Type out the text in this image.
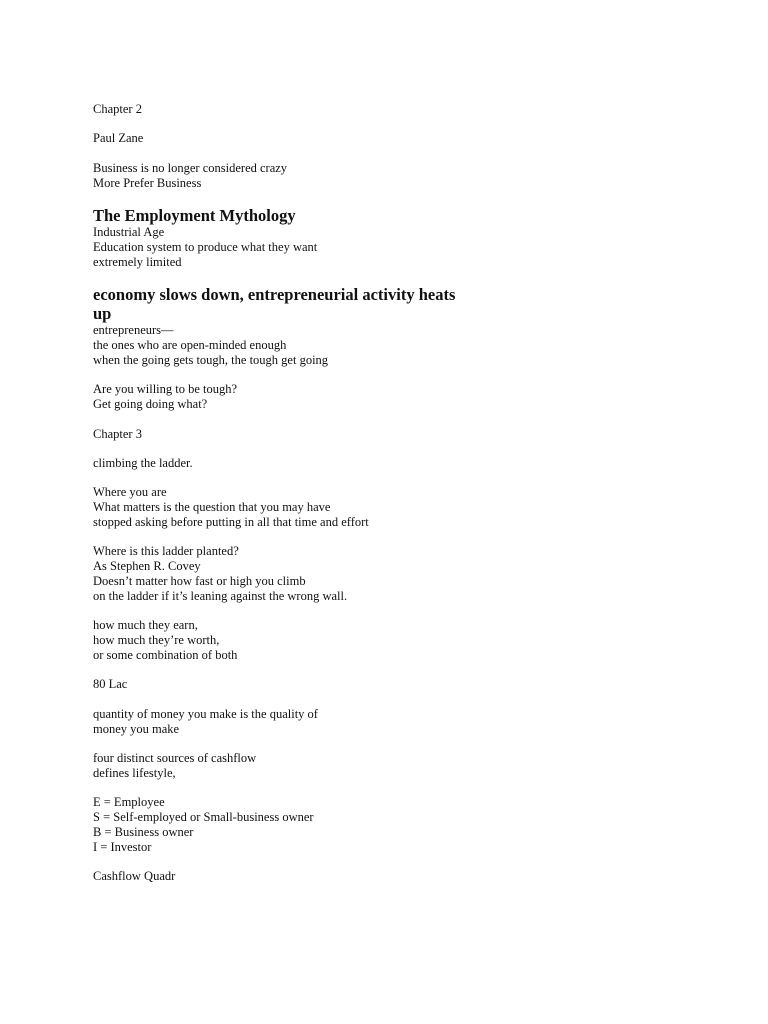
Chapter 2
Paul Zane
Business is no longer considered crazy
More Prefer Business
The Employment Mythology
Industrial Age
Education system to produce what they want
extremely limited
economy slows down, entrepreneurial activity heats
up
entrepreneurs—
the ones who are open-minded enough
when the going gets tough, the tough get going
Are you willing to be tough?
Get going doing what?
Chapter 3
climbing the ladder.
Where you are
What matters is the question that you may have
stopped asking before putting in all that time and effort
Where is this ladder planted?
As Stephen R. Covey
Doesn’t matter how fast or high you climb
on the ladder if it’s leaning against the wrong wall.
how much they earn,
how much they’re worth,
or some combination of both
80 Lac
quantity of money you make is the quality of
money you make
four distinct sources of cashflow
defines lifestyle,
E = Employee
S = Self-employed or Small-business owner
B = Business owner
I = Investor
Cashflow Quadr
